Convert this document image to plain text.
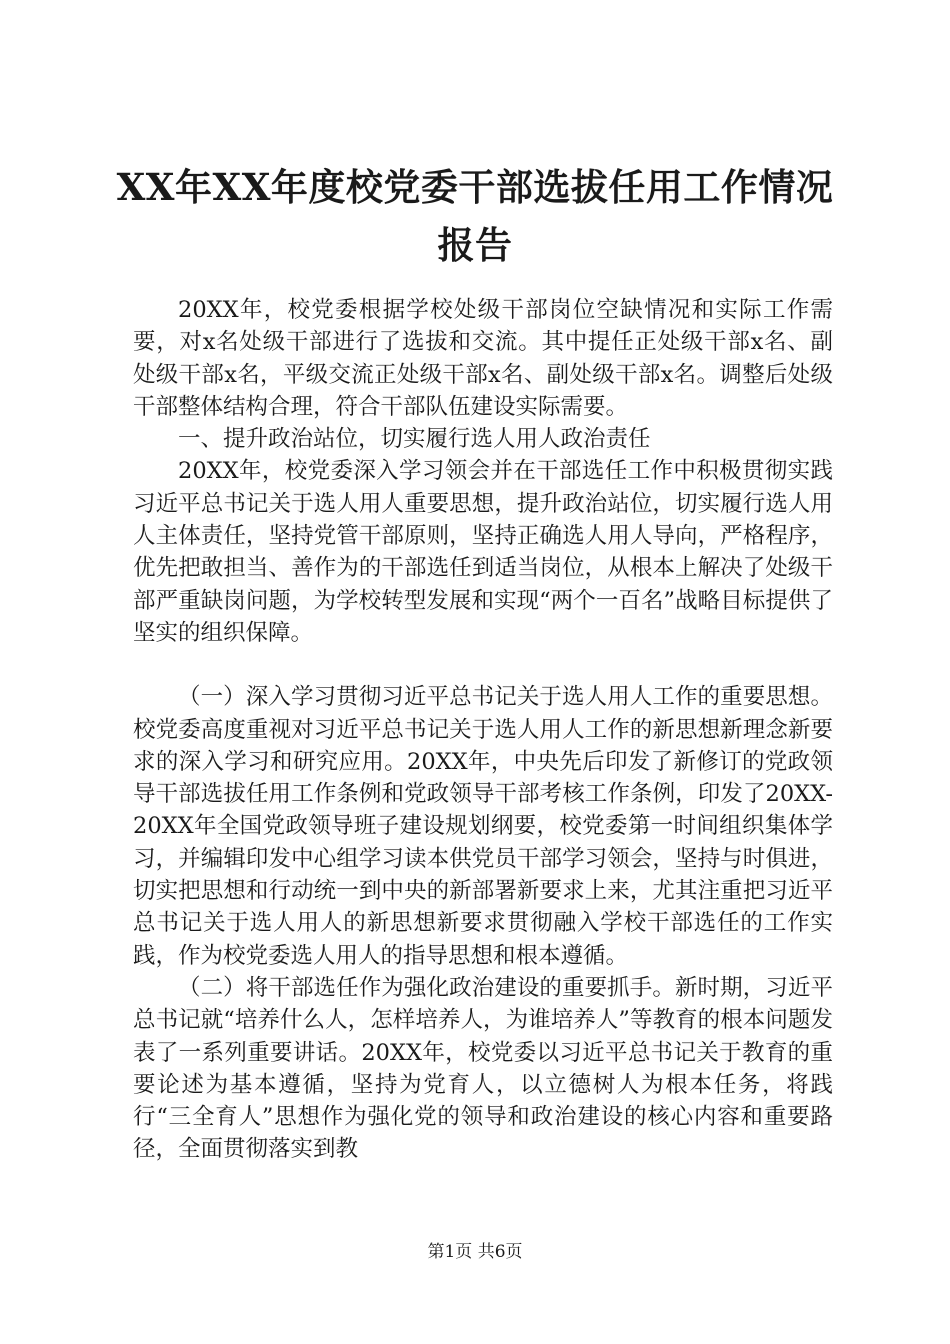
XX年XX年度校党委干部选拔任用工作情况报告

20XX年，校党委根据学校处级干部岗位空缺情况和实际工作需要，对x名处级干部进行了选拔和交流。其中提任正处级干部x名、副处级干部x名，平级交流正处级干部x名、副处级干部x名。调整后处级干部整体结构合理，符合干部队伍建设实际需要。

一、提升政治站位，切实履行选人用人政治责任

20XX年，校党委深入学习领会并在干部选任工作中积极贯彻实践习近平总书记关于选人用人重要思想，提升政治站位，切实履行选人用人主体责任，坚持党管干部原则，坚持正确选人用人导向，严格程序，优先把敢担当、善作为的干部选任到适当岗位，从根本上解决了处级干部严重缺岗问题，为学校转型发展和实现“两个一百名”战略目标提供了坚实的组织保障。

（一）深入学习贯彻习近平总书记关于选人用人工作的重要思想。校党委高度重视对习近平总书记关于选人用人工作的新思想新理念新要求的深入学习和研究应用。20XX年，中央先后印发了新修订的党政领导干部选拔任用工作条例和党政领导干部考核工作条例，印发了20XX-20XX年全国党政领导班子建设规划纲要，校党委第一时间组织集体学习，并编辑印发中心组学习读本供党员干部学习领会，坚持与时俱进，切实把思想和行动统一到中央的新部署新要求上来，尤其注重把习近平总书记关于选人用人的新思想新要求贯彻融入学校干部选任的工作实践，作为校党委选人用人的指导思想和根本遵循。

（二）将干部选任作为强化政治建设的重要抓手。新时期，习近平总书记就“培养什么人，怎样培养人，为谁培养人”等教育的根本问题发表了一系列重要讲话。20XX年，校党委以习近平总书记关于教育的重要论述为基本遵循，坚持为党育人，以立德树人为根本任务，将践行“三全育人”思想作为强化党的领导和政治建设的核心内容和重要路径，全面贯彻落实到教

第1页 共6页
